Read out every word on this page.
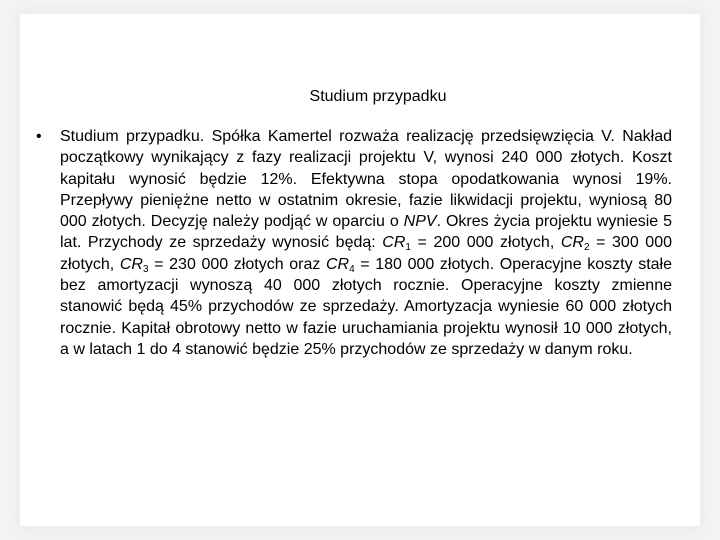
Studium przypadku
•	Studium przypadku. Spółka Kamertel rozważa realizację przedsięwzięcia V. Nakład początkowy wynikający z fazy realizacji projektu V, wynosi 240 000 złotych. Koszt kapitału wynosić będzie 12%. Efektywna stopa opodatkowania wynosi 19%. Przepływy pieniężne netto w ostatnim okresie, fazie likwidacji projektu, wyniosą 80 000 złotych. Decyzję należy podjąć w oparciu o NPV. Okres życia projektu wyniesie 5 lat. Przychody ze sprzedaży wynosić będą: $CR_1 = 200$ 000 złotych, $CR_2 = 300$ 000 złotych, $CR_3 = 230$ 000 złotych oraz $CR_4 = 180$ 000 złotych. Operacyjne koszty stałe bez amortyzacji wynoszą 40 000 złotych rocznie. Operacyjne koszty zmienne stanowić będą 45% przychodów ze sprzedaży. Amortyzacja wyniesie 60 000 złotych rocznie. Kapitał obrotowy netto w fazie uruchamiania projektu wynosił 10 000 złotych, a w latach 1 do 4 stanowić będzie 25% przychodów ze sprzedaży w danym roku.
